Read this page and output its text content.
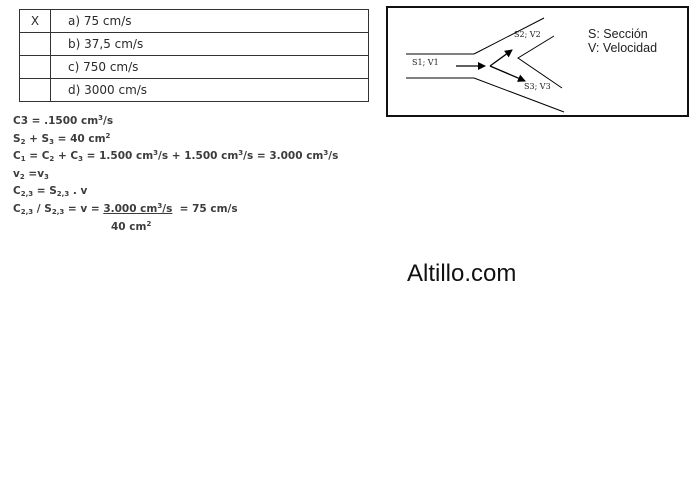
X	a) 75 cm/s
	b) 37,5 cm/s
	c) 750 cm/s
	d) 3000 cm/s
C3 = .1500 $cm^3/s$
$S_2 + S_3 = 40$ $cm^2$
$C_1 = C_2 + C_3 = 1.500$ $cm^3/s + 1.500$ $cm^3/s = 3.000$ $cm^3/s$
$v_2 =v_3$
$C_{2,3} = S_{2,3}$ . v
$C_{2,3} / S_{2,3} = v = 3.000$ $cm^3/s = 75$ cm/s
40 $cm^2$
S1; V1
S2; V2
S3; V3
S: Sección
V: Velocidad
Altillo.com
